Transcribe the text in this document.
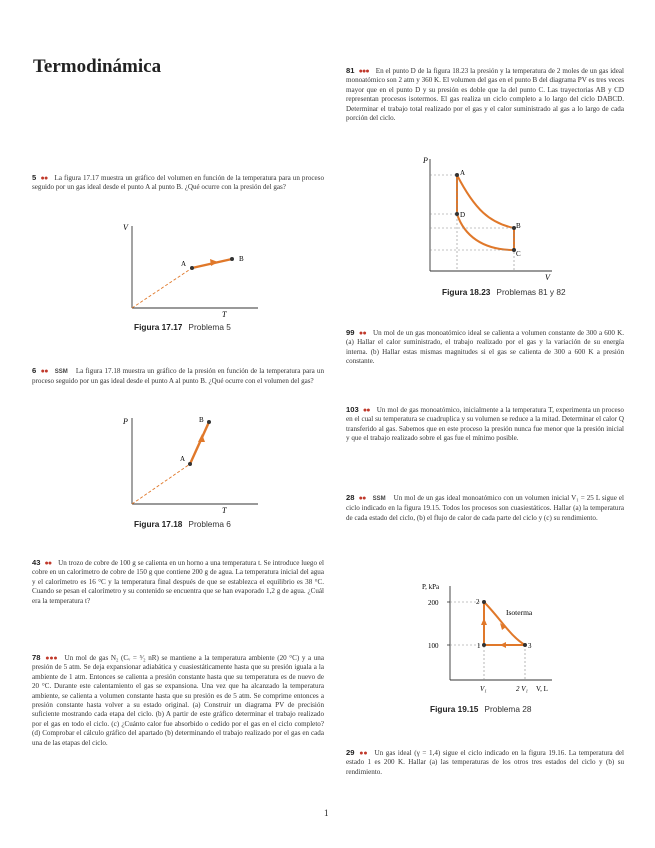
Termodinámica	81 ●●● En el punto D de la figura 18.23 la presión y la temperatura de 2 moles de un gas ideal monoatómico son 2 atm y 360 K. El volumen del gas en el punto B del diagrama PV es tres veces mayor que en el punto D y su presión es doble que la del punto C. Las trayectorias AB y CD representan procesos isotermos. El gas realiza un ciclo completo a lo largo del ciclo DABCD. Determinar el trabajo total realizado por el gas y el calor suministrado al gas a lo largo de cada porción del ciclo.
P
V
A
B
C
D
Figura 18.23 Problemas 81 y 82
5 ●● La figura 17.17 muestra un gráfico del volumen en función de la temperatura para un proceso seguido por un gas ideal desde el punto A al punto B. ¿Qué ocurre con la presión del gas?
V
T
A
B
Figura 17.17 Problema 5
99 ●● Un mol de un gas monoatómico ideal se calienta a volumen constante de 300 a 600 K. (a) Hallar el calor suministrado, el trabajo realizado por el gas y la variación de su energía interna. (b) Hallar estas mismas magnitudes si el gas se calienta de 300 a 600 K a presión constante.
6 ●● SSM La figura 17.18 muestra un gráfico de la presión en función de la temperatura para un proceso seguido por un gas ideal desde el punto A al punto B. ¿Qué ocurre con el volumen del gas?
P
T
A
B
Figura 17.18 Problema 6
103 ●● Un mol de gas monoatómico, inicialmente a la temperatura T, experimenta un proceso en el cual su temperatura se cuadruplica y su volumen se reduce a la mitad. Determinar el calor Q transferido al gas. Sabemos que en este proceso la presión nunca fue menor que la presión inicial y que el trabajo realizado sobre el gas fue el mínimo posible.
28 ●● SSM Un mol de un gas ideal monoatómico con un volumen inicial V₁ = 25 L sigue el ciclo indicado en la figura 19.15. Todos los procesos son cuasiestáticos. Hallar (a) la temperatura de cada estado del ciclo, (b) el flujo de calor de cada parte del ciclo y (c) su rendimiento.
43 ●● Un trozo de cobre de 100 g se calienta en un horno a una temperatura t. Se introduce luego el cobre en un calorímetro de cobre de 150 g que contiene 200 g de agua. La temperatura inicial del agua y el calorímetro es 16 °C y la temperatura final después de que se establezca el equilibrio es 38 °C. Cuando se pesan el calorímetro y su contenido se encuentra que se han evaporado 1,2 g de agua. ¿Cuál era la temperatura t?
P, kPa
V, L
200
100	1
2
3
Isoterma
V₁	2 V₁
Figura 19.15 Problema 28
78 ●●● Un mol de gas N₂ (Cᵥ = ⁵⁄₂ nR) se mantiene a la temperatura ambiente (20 °C) y a una presión de 5 atm. Se deja expansionar adiabática y cuasiestáticamente hasta que su presión iguala a la ambiente de 1 atm. Entonces se calienta a presión constante hasta que su temperatura es de nuevo de 20 °C. Durante este calentamiento el gas se expansiona. Una vez que ha alcanzado la temperatura ambiente, se calienta a volumen constante hasta que su presión es de 5 atm. Se comprime entonces a presión constante hasta volver a su estado original. (a) Construir un diagrama PV de precisión suficiente mostrando cada etapa del ciclo. (b) A partir de este gráfico determinar el trabajo realizado por el gas en todo el ciclo. (c) ¿Cuánto calor fue absorbido o cedido por el gas en el ciclo completo? (d) Comprobar el cálculo gráfico del apartado (b) determinando el trabajo realizado por el gas en cada una de las etapas del ciclo.
29 ●● Un gas ideal (γ = 1,4) sigue el ciclo indicado en la figura 19.16. La temperatura del estado 1 es 200 K. Hallar (a) las temperaturas de los otros tres estados del ciclo y (b) su rendimiento.
1
